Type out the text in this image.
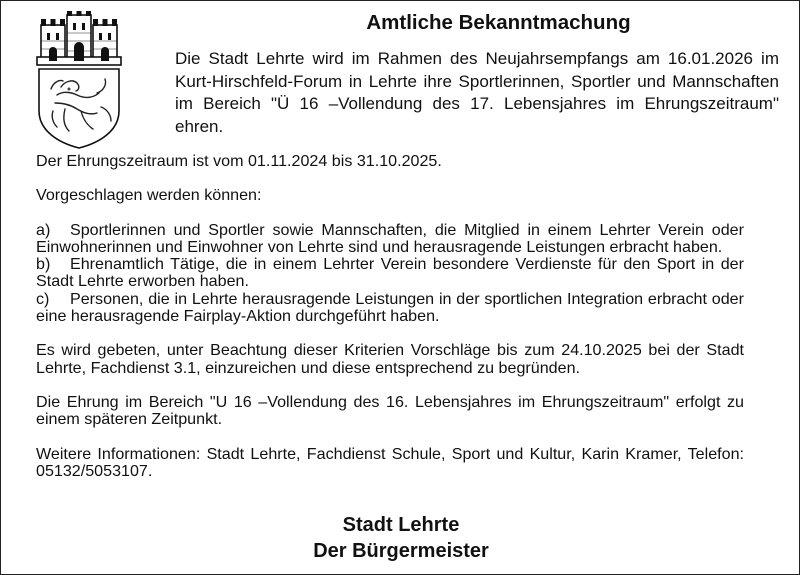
Amtliche Bekanntmachung

Die Stadt Lehrte wird im Rahmen des Neujahrsempfangs am 16.01.2026 im Kurt-Hirschfeld-Forum in Lehrte ihre Sportlerinnen, Sportler und Mannschaften im Bereich "Ü 16 –Vollendung des 17. Lebensjahres im Ehrungszeitraum" ehren.

Der Ehrungszeitraum ist vom 01.11.2024 bis 31.10.2025.

Vorgeschlagen werden können:

a) Sportlerinnen und Sportler sowie Mannschaften, die Mitglied in einem Lehrter Verein oder Einwohnerinnen und Einwohner von Lehrte sind und herausragende Leistungen erbracht haben.

b) Ehrenamtlich Tätige, die in einem Lehrter Verein besondere Verdienste für den Sport in der Stadt Lehrte erworben haben.

c) Personen, die in Lehrte herausragende Leistungen in der sportlichen Integration erbracht oder eine herausragende Fairplay-Aktion durchgeführt haben.

Es wird gebeten, unter Beachtung dieser Kriterien Vorschläge bis zum 24.10.2025 bei der Stadt Lehrte, Fachdienst 3.1, einzureichen und diese entsprechend zu begründen.

Die Ehrung im Bereich "U 16 –Vollendung des 16. Lebensjahres im Ehrungszeitraum" erfolgt zu einem späteren Zeitpunkt.

Weitere Informationen: Stadt Lehrte, Fachdienst Schule, Sport und Kultur, Karin Kramer, Telefon: 05132/5053107.

Stadt Lehrte
Der Bürgermeister
